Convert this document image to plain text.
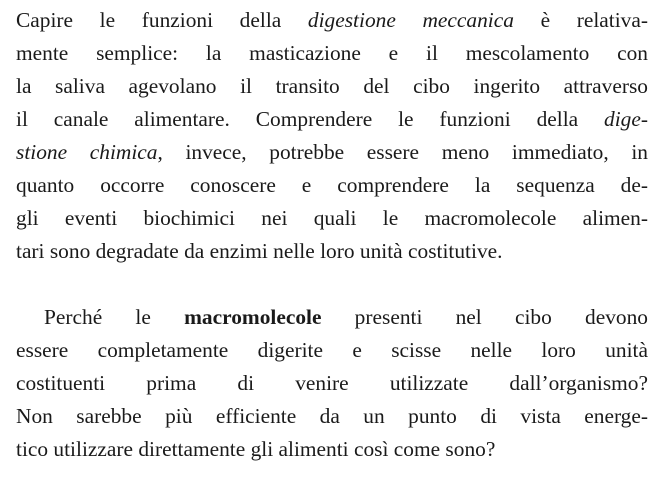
Capire le funzioni della digestione meccanica è relativa-
mente semplice: la masticazione e il mescolamento con
la saliva agevolano il transito del cibo ingerito attraverso
il canale alimentare. Comprendere le funzioni della dige-
stione chimica, invece, potrebbe essere meno immediato, in
quanto occorre conoscere e comprendere la sequenza de-
gli eventi biochimici nei quali le macromolecole alimen-
tari sono degradate da enzimi nelle loro unità costitutive.
Perché le macromolecole presenti nel cibo devono
essere completamente digerite e scisse nelle loro unità
costituenti prima di venire utilizzate dall’organismo?
Non sarebbe più efficiente da un punto di vista energe-
tico utilizzare direttamente gli alimenti così come sono?
